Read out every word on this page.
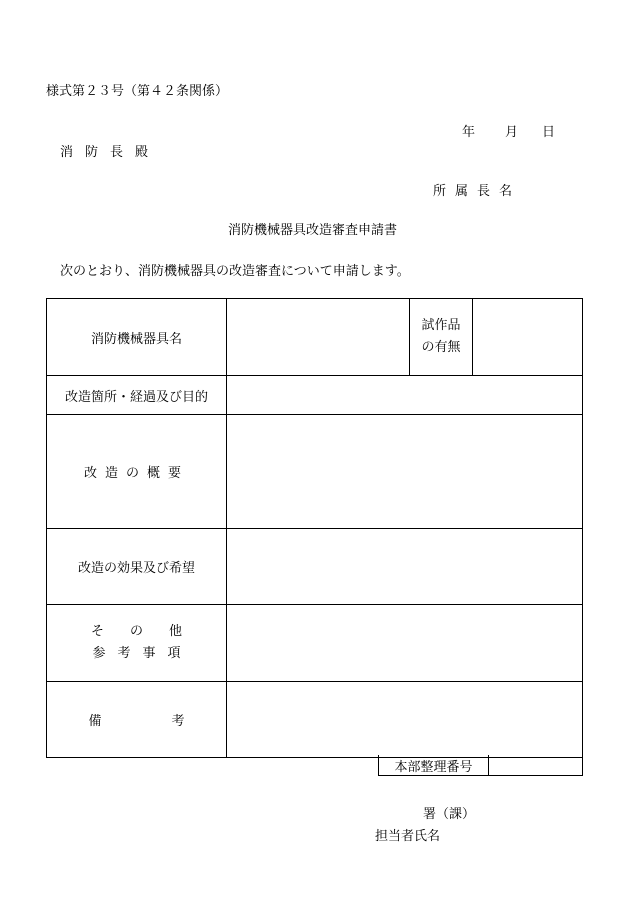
様式第２３号（第４２条関係）
年 月 日
消防長殿
所属長名
消防機械器具改造審査申請書
次のとおり、消防機械器具の改造審査について申請します。
消防機械器具名		試作品
の有無	

改造箇所・経過及び目的			
改造の概要			
改造の効果及び希望			

その他
参考事項			

備考			
本部整理番号	
署（課）
担当者氏名
